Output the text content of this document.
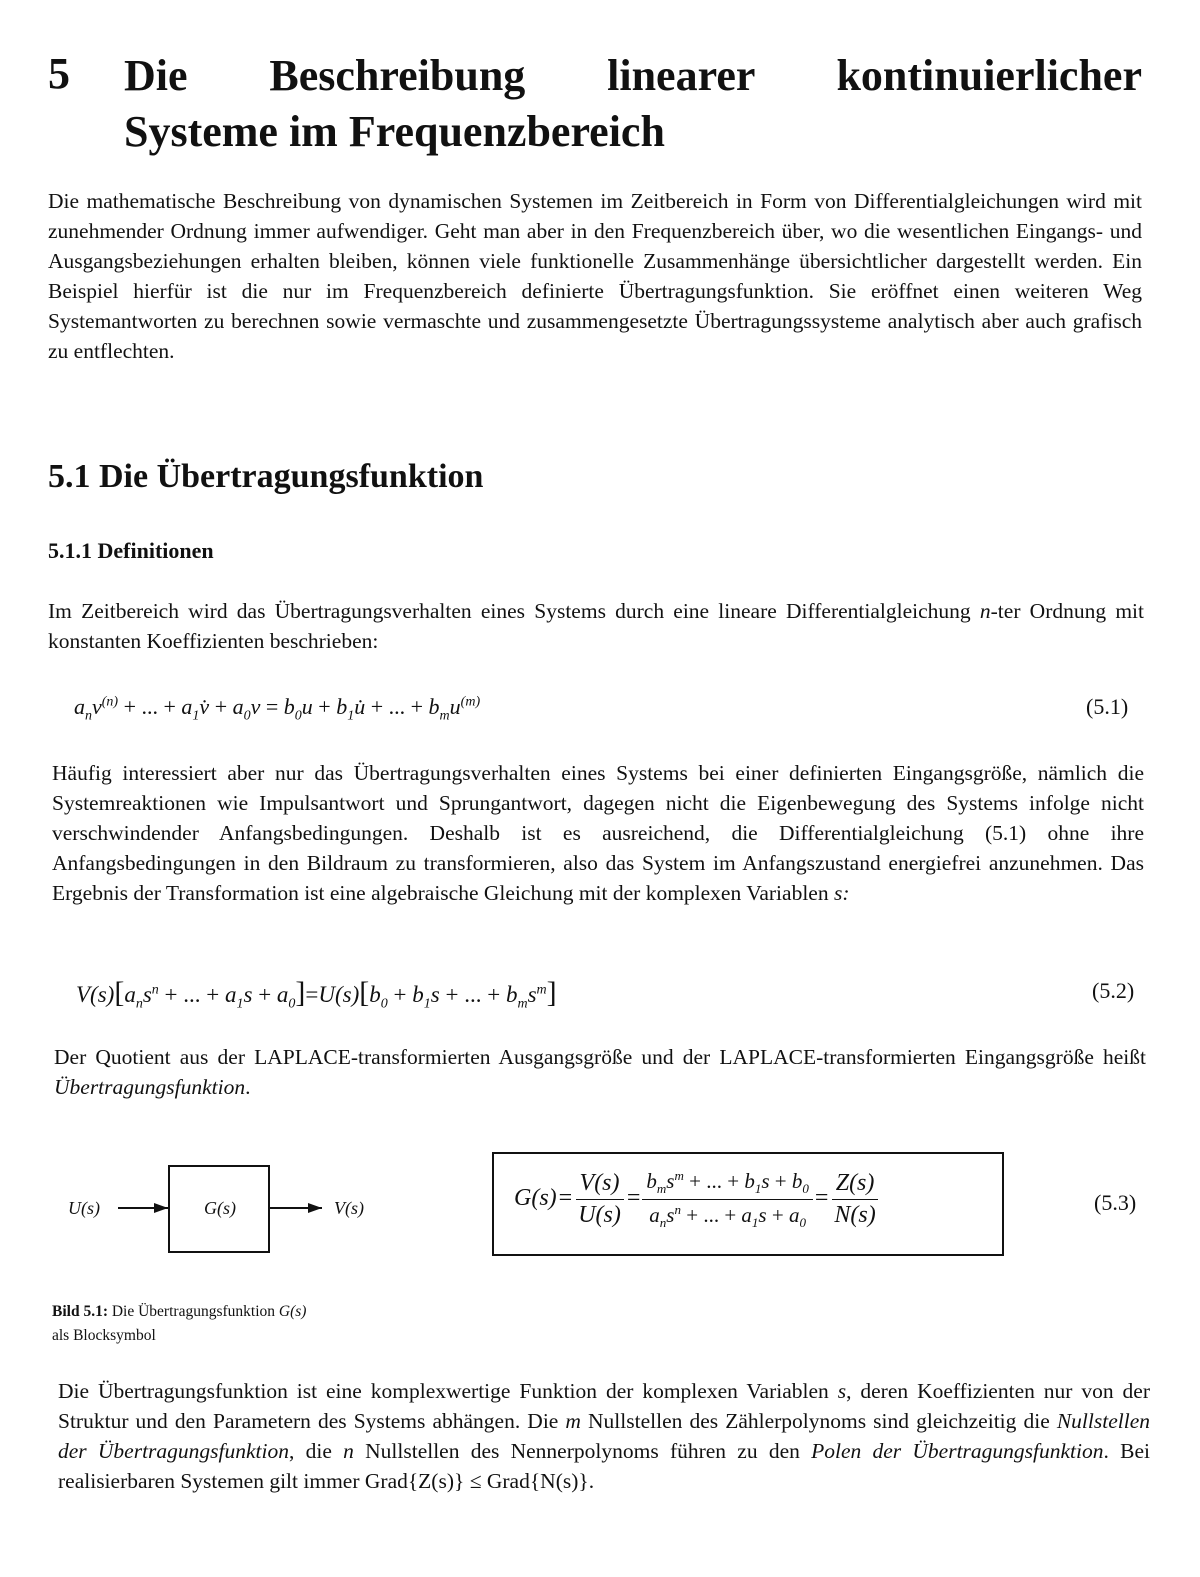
5 Die Beschreibung linearer kontinuierlicher
Systeme im Frequenzbereich
Die mathematische Beschreibung von dynamischen Systemen im Zeitbereich in Form von Differentialgleichungen wird mit zunehmender Ordnung immer aufwendiger. Geht man aber in den Frequenzbereich über, wo die wesentlichen Eingangs- und Ausgangsbeziehungen erhalten bleiben, können viele funktionelle Zusammenhänge übersichtlicher dargestellt werden. Ein Beispiel hierfür ist die nur im Frequenzbereich definierte Übertragungsfunktion. Sie eröffnet einen weiteren Weg Systemantworten zu berechnen sowie vermaschte und zusammengesetzte Übertragungssysteme analytisch aber auch grafisch zu entflechten.
5.1 Die Übertragungsfunktion
5.1.1 Definitionen
Im Zeitbereich wird das Übertragungsverhalten eines Systems durch eine lineare Differentialgleichung n-ter Ordnung mit konstanten Koeffizienten beschrieben:
$a_nv^{(n)}$ + ... + $a_1v̇ + a_0v = b_0u$ + $b_1u̇$ + ... + $b_mu^{(m)}$	(5.1)
Häufig interessiert aber nur das Übertragungsverhalten eines Systems bei einer definierten Eingangsgröße, nämlich die Systemreaktionen wie Impulsantwort und Sprungantwort, dagegen nicht die Eigenbewegung des Systems infolge nicht verschwindender Anfangsbedingungen. Deshalb ist es ausreichend, die Differentialgleichung (5.1) ohne ihre Anfangsbedingungen in den Bildraum zu transformieren, also das System im Anfangszustand energiefrei anzunehmen. Das Ergebnis der Transformation ist eine algebraische Gleichung mit der komplexen Variablen s:
$V(s)[a_ns^n$ + ... + $a_1s + a_0]=U(s)[b_0 + b_1s$ + ... + $b_ms^m$]	(5.2)
Der Quotient aus der LAPLACE-transformierten Ausgangsgröße und der LAPLACE-transformierten Eingangsgröße heißt Übertragungsfunktion.
U(s)	G(s)	V(s)	$G(s)= \frac{V(s)}{U(s)} = \frac{b_ms^m + ... + b_1s + b_0}{a_ns^n + ... + a_1s + a_0} = \frac{Z(s)}{N(s)}$	(5.3)
Bild 5.1: Die Übertragungsfunktion G(s)
als Blocksymbol
Die Übertragungsfunktion ist eine komplexwertige Funktion der komplexen Variablen s, deren Koeffizienten nur von der Struktur und den Parametern des Systems abhängen. Die m Nullstellen des Zählerpolynoms sind gleichzeitig die Nullstellen der Übertragungsfunktion, die n Nullstellen des Nennerpolynoms führen zu den Polen der Übertragungsfunktion. Bei realisierbaren Systemen gilt immer Grad{Z(s)} ≤ Grad{N(s)}.
